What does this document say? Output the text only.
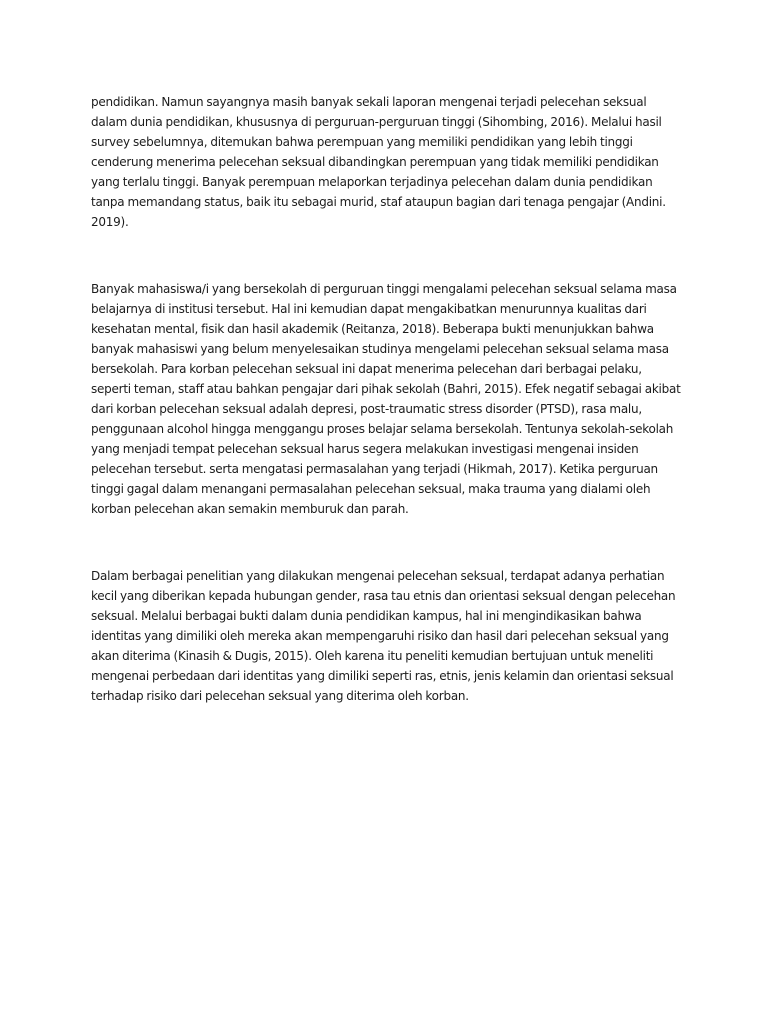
pendidikan. Namun sayangnya masih banyak sekali laporan mengenai terjadi pelecehan seksual dalam dunia pendidikan, khususnya di perguruan-perguruan tinggi (Sihombing, 2016). Melalui hasil survey sebelumnya, ditemukan bahwa perempuan yang memiliki pendidikan yang lebih tinggi cenderung menerima pelecehan seksual dibandingkan perempuan yang tidak memiliki pendidikan yang terlalu tinggi. Banyak perempuan melaporkan terjadinya pelecehan dalam dunia pendidikan tanpa memandang status, baik itu sebagai murid, staf ataupun bagian dari tenaga pengajar (Andini. 2019).

Banyak mahasiswa/i yang bersekolah di perguruan tinggi mengalami pelecehan seksual selama masa belajarnya di institusi tersebut. Hal ini kemudian dapat mengakibatkan menurunnya kualitas dari kesehatan mental, fisik dan hasil akademik (Reitanza, 2018). Beberapa bukti menunjukkan bahwa banyak mahasiswi yang belum menyelesaikan studinya mengelami pelecehan seksual selama masa bersekolah. Para korban pelecehan seksual ini dapat menerima pelecehan dari berbagai pelaku, seperti teman, staff atau bahkan pengajar dari pihak sekolah (Bahri, 2015). Efek negatif sebagai akibat dari korban pelecehan seksual adalah depresi, post-traumatic stress disorder (PTSD), rasa malu, penggunaan alcohol hingga menggangu proses belajar selama bersekolah. Tentunya sekolah-sekolah yang menjadi tempat pelecehan seksual harus segera melakukan investigasi mengenai insiden pelecehan tersebut. serta mengatasi permasalahan yang terjadi (Hikmah, 2017). Ketika perguruan tinggi gagal dalam menangani permasalahan pelecehan seksual, maka trauma yang dialami oleh korban pelecehan akan semakin memburuk dan parah.

Dalam berbagai penelitian yang dilakukan mengenai pelecehan seksual, terdapat adanya perhatian kecil yang diberikan kepada hubungan gender, rasa tau etnis dan orientasi seksual dengan pelecehan seksual. Melalui berbagai bukti dalam dunia pendidikan kampus, hal ini mengindikasikan bahwa identitas yang dimiliki oleh mereka akan mempengaruhi risiko dan hasil dari pelecehan seksual yang akan diterima (Kinasih & Dugis, 2015). Oleh karena itu peneliti kemudian bertujuan untuk meneliti mengenai perbedaan dari identitas yang dimiliki seperti ras, etnis, jenis kelamin dan orientasi seksual terhadap risiko dari pelecehan seksual yang diterima oleh korban.
